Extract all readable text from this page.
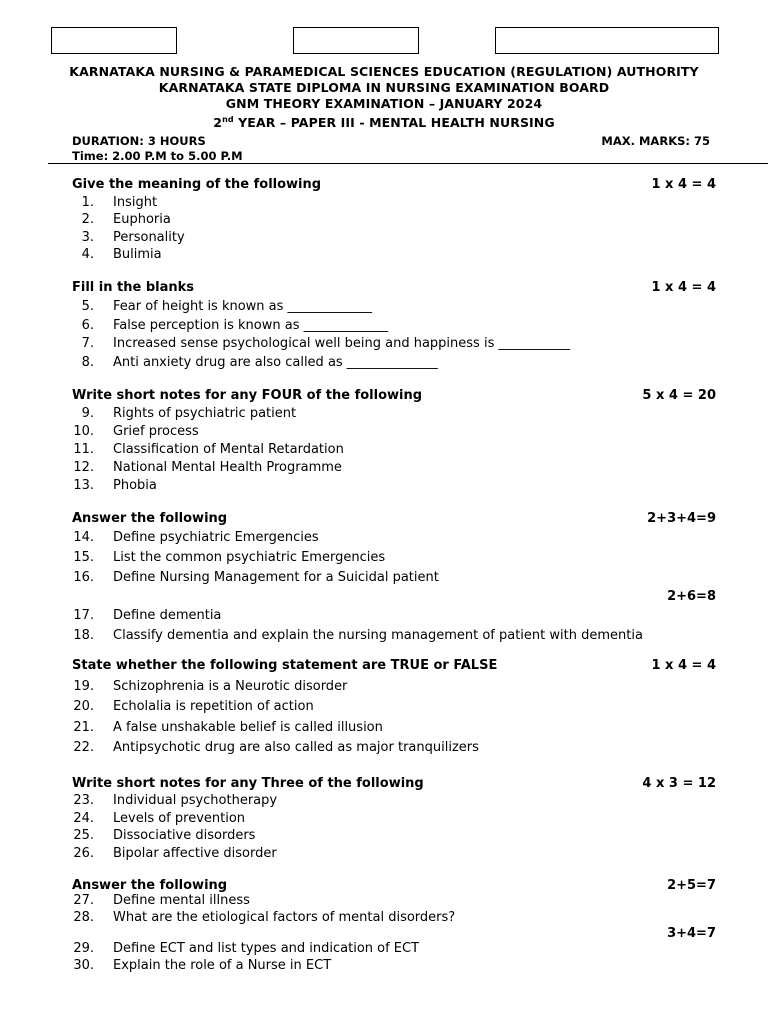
KARNATAKA NURSING & PARAMEDICAL SCIENCES EDUCATION (REGULATION) AUTHORITY
KARNATAKA STATE DIPLOMA IN NURSING EXAMINATION BOARD
GNM THEORY EXAMINATION – JANUARY 2024
2nd YEAR – PAPER III - MENTAL HEALTH NURSING
DURATION: 3 HOURS	MAX. MARKS: 75
Time: 2.00 P.M to 5.00 P.M
Give the meaning of the following	1 x 4 = 4
1. Insight
2. Euphoria
3. Personality
4. Bulimia
Fill in the blanks	1 x 4 = 4
5. Fear of height is known as _____________
6. False perception is known as _____________
7. Increased sense psychological well being and happiness is ___________
8. Anti anxiety drug are also called as ______________
Write short notes for any FOUR of the following	5 x 4 = 20
9. Rights of psychiatric patient
10. Grief process
11. Classification of Mental Retardation
12. National Mental Health Programme
13. Phobia
Answer the following	2+3+4=9
14. Define psychiatric Emergencies
15. List the common psychiatric Emergencies
16. Define Nursing Management for a Suicidal patient
2+6=8
17. Define dementia
18. Classify dementia and explain the nursing management of patient with dementia
State whether the following statement are TRUE or FALSE	1 x 4 = 4
19. Schizophrenia is a Neurotic disorder
20. Echolalia is repetition of action
21. A false unshakable belief is called illusion
22. Antipsychotic drug are also called as major tranquilizers
Write short notes for any Three of the following	4 x 3 = 12
23. Individual psychotherapy
24. Levels of prevention
25. Dissociative disorders
26. Bipolar affective disorder
Answer the following	2+5=7
27. Define mental illness
28. What are the etiological factors of mental disorders?
3+4=7
29. Define ECT and list types and indication of ECT
30. Explain the role of a Nurse in ECT
